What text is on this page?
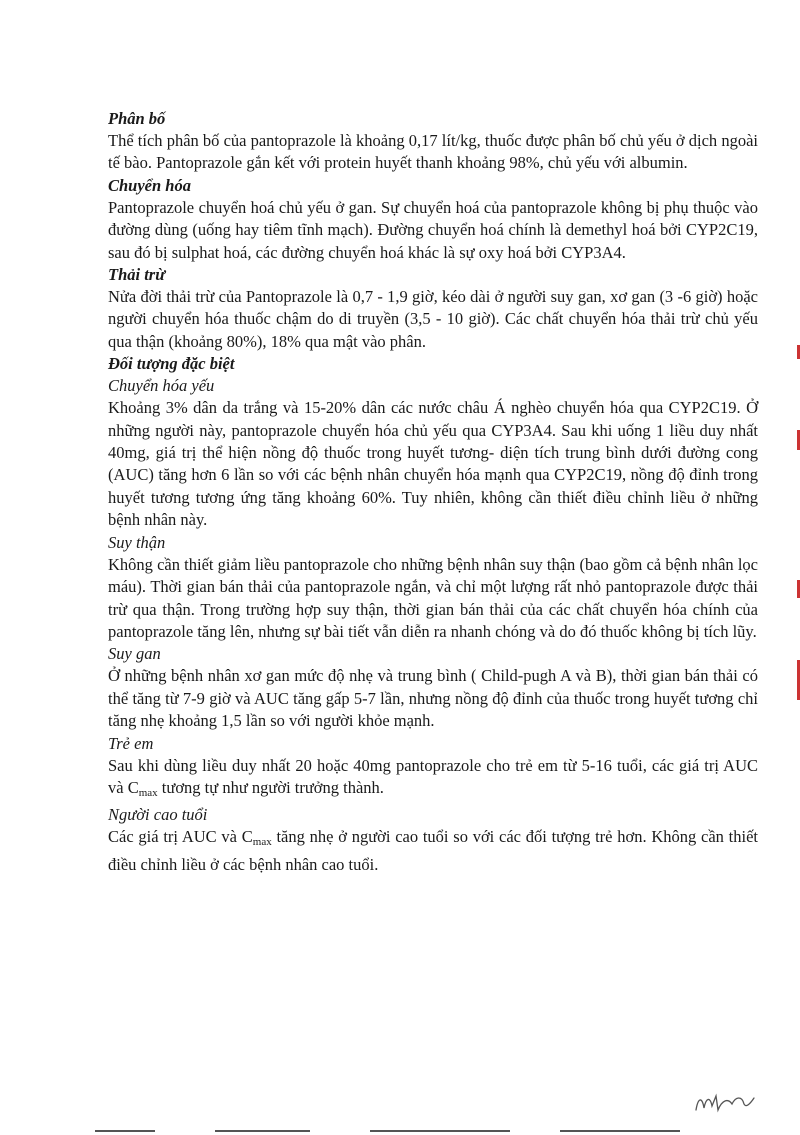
Phân bố

Thể tích phân bố của pantoprazole là khoảng 0,17 lít/kg, thuốc được phân bố chủ yếu ở dịch ngoài tế bào. Pantoprazole gắn kết với protein huyết thanh khoảng 98%, chủ yếu với albumin.

Chuyển hóa

Pantoprazole chuyển hoá chủ yếu ở gan. Sự chuyển hoá của pantoprazole không bị phụ thuộc vào đường dùng (uống hay tiêm tĩnh mạch). Đường chuyển hoá chính là demethyl hoá bởi CYP2C19, sau đó bị sulphat hoá, các đường chuyển hoá khác là sự oxy hoá bởi CYP3A4.

Thải trừ

Nửa đời thải trừ của Pantoprazole là 0,7 - 1,9 giờ, kéo dài ở người suy gan, xơ gan (3 -6 giờ) hoặc người chuyển hóa thuốc chậm do di truyền (3,5 - 10 giờ). Các chất chuyển hóa thải trừ chủ yếu qua thận (khoảng 80%), 18% qua mật vào phân.

Đối tượng đặc biệt

Chuyển hóa yếu

Khoảng 3% dân da trắng và 15-20% dân các nước châu Á nghèo chuyển hóa qua CYP2C19. Ở những người này, pantoprazole chuyển hóa chủ yếu qua CYP3A4. Sau khi uống 1 liều duy nhất 40mg, giá trị thể hiện nồng độ thuốc trong huyết tương- diện tích trung bình dưới đường cong (AUC) tăng hơn 6 lần so với các bệnh nhân chuyển hóa mạnh qua CYP2C19, nồng độ đỉnh trong huyết tương tương ứng tăng khoảng 60%. Tuy nhiên, không cần thiết điều chỉnh liều ở những bệnh nhân này.

Suy thận

Không cần thiết giảm liều pantoprazole cho những bệnh nhân suy thận (bao gồm cả bệnh nhân lọc máu). Thời gian bán thải của pantoprazole ngắn, và chỉ một lượng rất nhỏ pantoprazole được thải trừ qua thận. Trong trường hợp suy thận, thời gian bán thải của các chất chuyển hóa chính của pantoprazole tăng lên, nhưng sự bài tiết vẫn diễn ra nhanh chóng và do đó thuốc không bị tích lũy.

Suy gan

Ở những bệnh nhân xơ gan mức độ nhẹ và trung bình ( Child-pugh A và B), thời gian bán thải có thể tăng từ 7-9 giờ và AUC tăng gấp 5-7 lần, nhưng nồng độ đỉnh của thuốc trong huyết tương chỉ tăng nhẹ khoảng 1,5 lần so với người khỏe mạnh.

Trẻ em

Sau khi dùng liều duy nhất 20 hoặc 40mg pantoprazole cho trẻ em từ 5-16 tuổi, các giá trị AUC và Cmax tương tự như người trưởng thành.

Người cao tuổi

Các giá trị AUC và Cmax tăng nhẹ ở người cao tuổi so với các đối tượng trẻ hơn. Không cần thiết điều chỉnh liều ở các bệnh nhân cao tuổi.
